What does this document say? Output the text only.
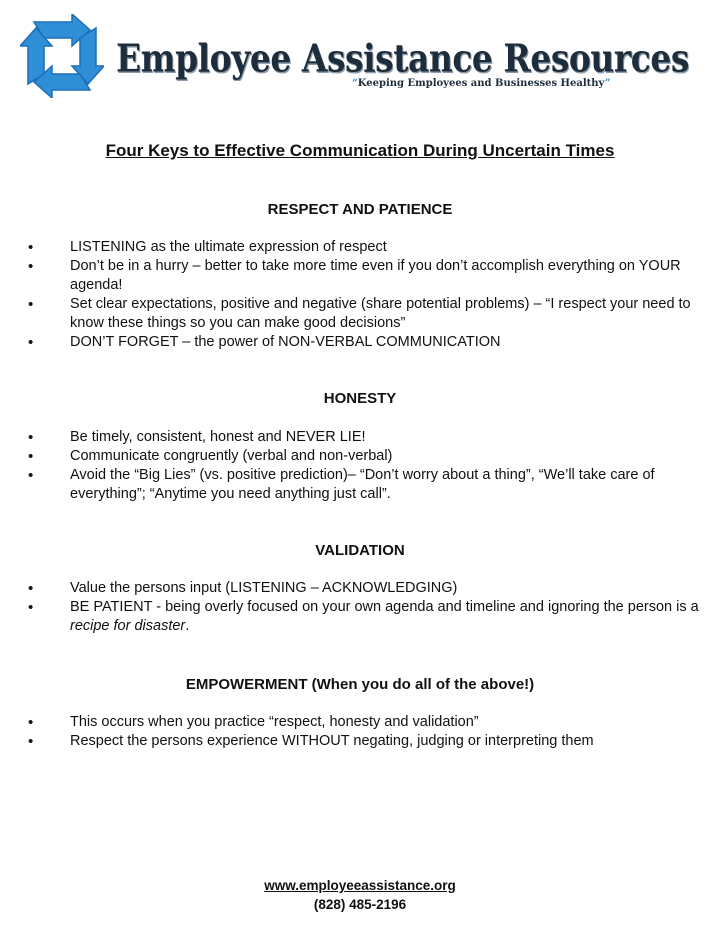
Employee Assistance Resources
“Keeping Employees and Businesses Healthy”
Four Keys to Effective Communication During Uncertain Times
RESPECT AND PATIENCE
• LISTENING as the ultimate expression of respect
• Don’t be in a hurry – better to take more time even if you don’t accomplish everything on YOUR agenda!
• Set clear expectations, positive and negative (share potential problems) – “I respect your need to know these things so you can make good decisions”
• DON’T FORGET – the power of NON-VERBAL COMMUNICATION
HONESTY
• Be timely, consistent, honest and NEVER LIE!
• Communicate congruently (verbal and non-verbal)
• Avoid the “Big Lies” (vs. positive prediction)– “Don’t worry about a thing”, “We’ll take care of everything”; “Anytime you need anything just call”.
VALIDATION
• Value the persons input (LISTENING – ACKNOWLEDGING)
• BE PATIENT - being overly focused on your own agenda and timeline and ignoring the person is a recipe for disaster.
EMPOWERMENT (When you do all of the above!)
• This occurs when you practice “respect, honesty and validation”
• Respect the persons experience WITHOUT negating, judging or interpreting them
www.employeeassistance.org
(828) 485-2196
